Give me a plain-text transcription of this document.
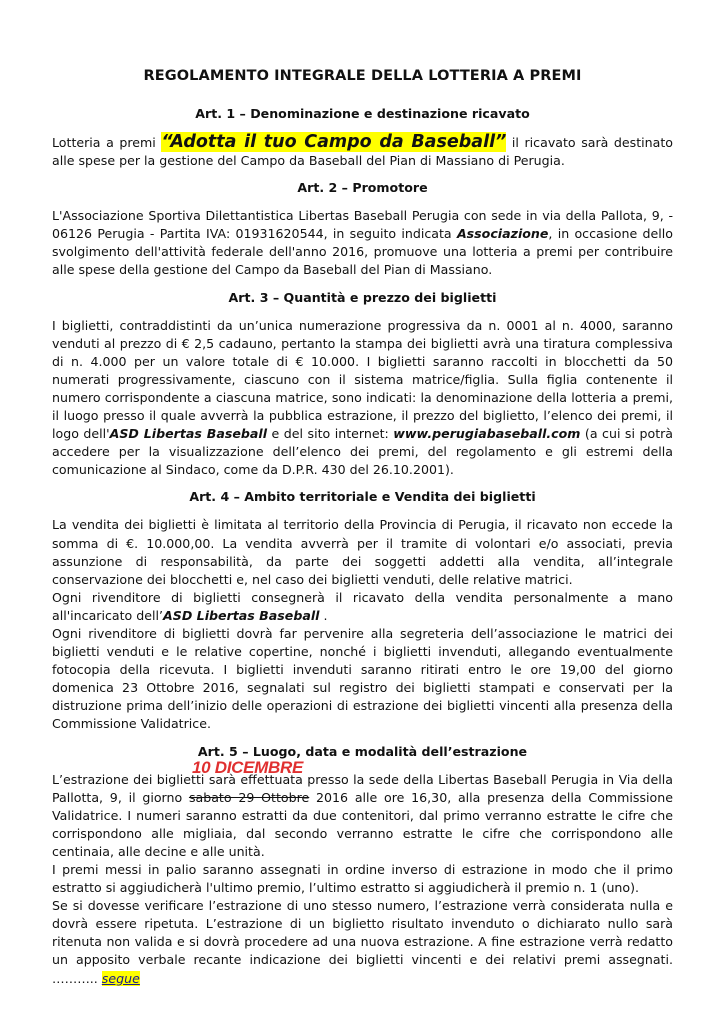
REGOLAMENTO INTEGRALE DELLA LOTTERIA A PREMI
Art. 1 – Denominazione e destinazione ricavato
Lotteria a premi “Adotta il tuo Campo da Baseball” il ricavato sarà destinato alle spese per la gestione del Campo da Baseball del Pian di Massiano di Perugia.
Art. 2 – Promotore
L'Associazione Sportiva Dilettantistica Libertas Baseball Perugia con sede in via della Pallota, 9, - 06126 Perugia - Partita IVA: 01931620544, in seguito indicata Associazione, in occasione dello svolgimento dell'attività federale dell'anno 2016, promuove una lotteria a premi per contribuire alle spese della gestione del Campo da Baseball del Pian di Massiano.
Art. 3 – Quantità e prezzo dei biglietti
I biglietti, contraddistinti da un’unica numerazione progressiva da n. 0001 al n. 4000, saranno venduti al prezzo di € 2,5 cadauno, pertanto la stampa dei biglietti avrà una tiratura complessiva di n. 4.000 per un valore totale di € 10.000. I biglietti saranno raccolti in blocchetti da 50 numerati progressivamente, ciascuno con il sistema matrice/figlia. Sulla figlia contenente il numero corrispondente a ciascuna matrice, sono indicati: la denominazione della lotteria a premi, il luogo presso il quale avverrà la pubblica estrazione, il prezzo del biglietto, l’elenco dei premi, il logo dell'ASD Libertas Baseball e del sito internet: www.perugiabaseball.com (a cui si potrà accedere per la visualizzazione dell’elenco dei premi, del regolamento e gli estremi della comunicazione al Sindaco, come da D.P.R. 430 del 26.10.2001).
Art. 4 – Ambito territoriale e Vendita dei biglietti
La vendita dei biglietti è limitata al territorio della Provincia di Perugia, il ricavato non eccede la somma di €. 10.000,00. La vendita avverrà per il tramite di volontari e/o associati, previa assunzione di responsabilità, da parte dei soggetti addetti alla vendita, all’integrale conservazione dei blocchetti e, nel caso dei biglietti venduti, delle relative matrici.
Ogni rivenditore di biglietti consegnerà il ricavato della vendita personalmente a mano all'incaricato dell’ASD Libertas Baseball .
Ogni rivenditore di biglietti dovrà far pervenire alla segreteria dell’associazione le matrici dei biglietti venduti e le relative copertine, nonché i biglietti invenduti, allegando eventualmente fotocopia della ricevuta. I biglietti invenduti saranno ritirati entro le ore 19,00 del giorno domenica 23 Ottobre 2016, segnalati sul registro dei biglietti stampati e conservati per la distruzione prima dell’inizio delle operazioni di estrazione dei biglietti vincenti alla presenza della Commissione Validatrice.
Art. 5 – Luogo, data e modalità dell’estrazione
L’estrazione dei biglietti sarà effettuata presso la sede della Libertas Baseball Perugia in Via della Pallotta, 9, il giorno sabato 29 Ottobre 2016 alle ore 16,30, alla presenza della Commissione Validatrice. I numeri saranno estratti da due contenitori, dal primo verranno estratte le cifre che corrispondono alle migliaia, dal secondo verranno estratte le cifre che corrispondono alle centinaia, alle decine e alle unità.
I premi messi in palio saranno assegnati in ordine inverso di estrazione in modo che il primo estratto si aggiudicherà l'ultimo premio, l’ultimo estratto si aggiudicherà il premio n. 1 (uno).
Se si dovesse verificare l’estrazione di uno stesso numero, l’estrazione verrà considerata nulla e dovrà essere ripetuta. L’estrazione di un biglietto risultato invenduto o dichiarato nullo sarà ritenuta non valida e si dovrà procedere ad una nuova estrazione. A fine estrazione verrà redatto un apposito verbale recante indicazione dei biglietti vincenti e dei relativi premi assegnati. ……….. segue
10 DICEMBRE
